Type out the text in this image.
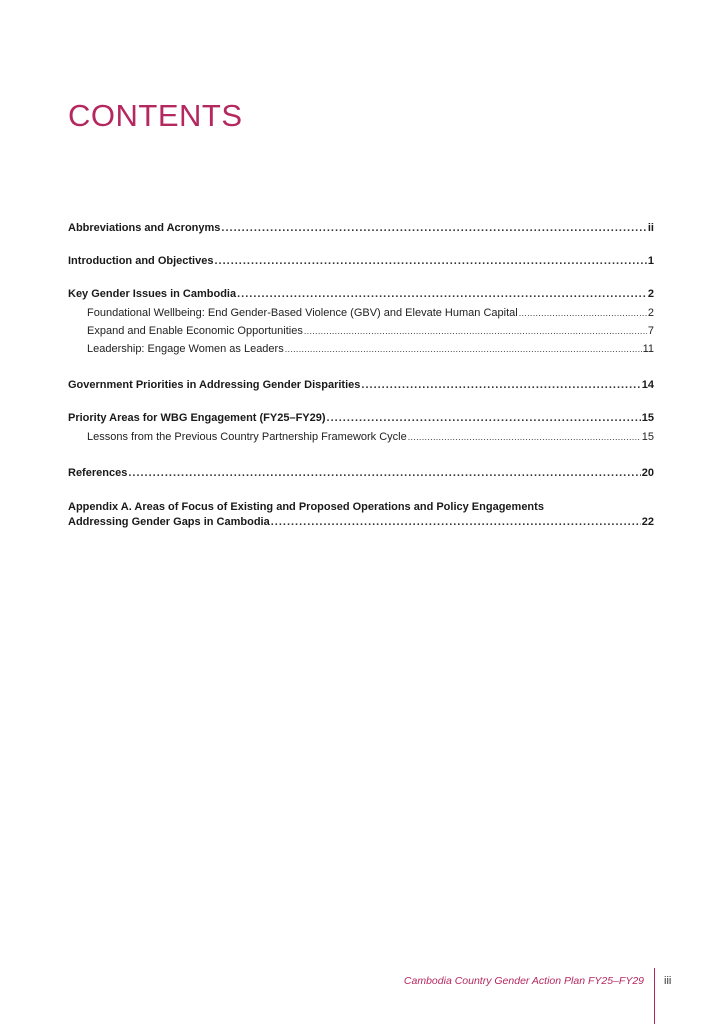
CONTENTS
Abbreviations and Acronyms .....	ii
Introduction and Objectives .....	1
Key Gender Issues in Cambodia .....	2
Foundational Wellbeing: End Gender-Based Violence (GBV) and Elevate Human Capital .....	2
Expand and Enable Economic Opportunities .....	7
Leadership: Engage Women as Leaders .....	11
Government Priorities in Addressing Gender Disparities .....	14
Priority Areas for WBG Engagement (FY25–FY29) .....	15
Lessons from the Previous Country Partnership Framework Cycle .....	15
References .....	20
Appendix A. Areas of Focus of Existing and Proposed Operations and Policy Engagements
Addressing Gender Gaps in Cambodia .....	22
Cambodia Country Gender Action Plan FY25–FY29 iii
